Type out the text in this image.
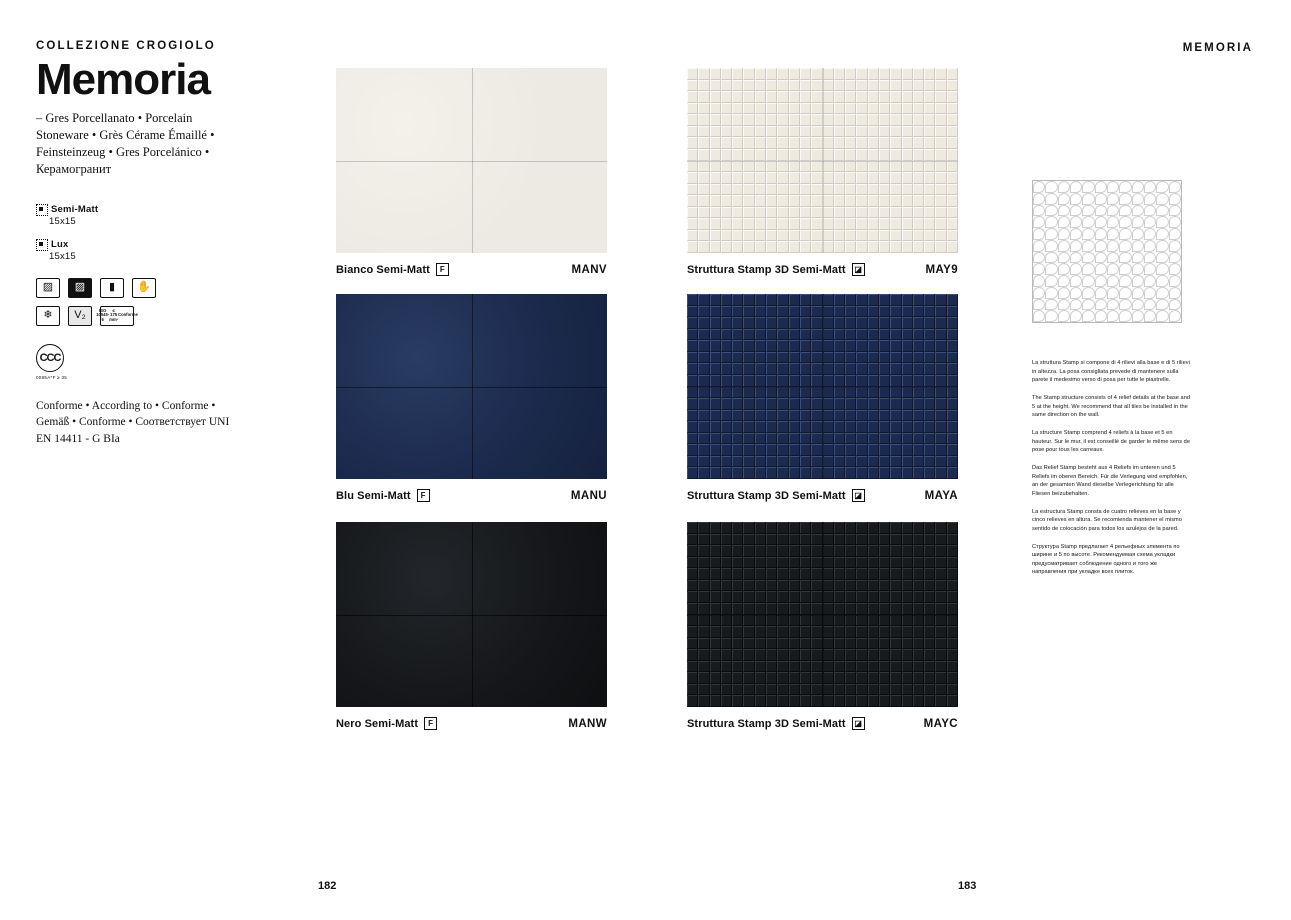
MEMORIA
COLLEZIONE CROGIOLO
Memoria
– Gres Porcellanato • Porcelain Stoneware • Grès Cérame Émaillé • Feinsteinzeug • Gres Porcelánico • Керамогранит
Semi-Matt
15x15
Lux
15x15
▨ ▨ ▮ ✋
❄ V₂	ISO 10545-6
≤ 175 mm³
Conforme
CCC
0085A*F ≥ 35
Conforme • According to • Conforme • Gemäß • Conforme • Соответствует UNI EN 14411 - G BIa
Bianco Semi-Matt	F	MANV
Blu Semi-Matt	F	MANU
Nero Semi-Matt	F	MANW
Struttura Stamp 3D Semi-Matt	◪	MAY9
Struttura Stamp 3D Semi-Matt	◪	MAYA
Struttura Stamp 3D Semi-Matt	◪	MAYC

La struttura Stamp si compone di 4 rilievi alla base e di 5 rilievi in altezza. La posa consigliata prevede di mantenere sulla parete il medesimo verso di posa per tutte le piastrelle.

The Stamp structure consists of 4 relief details at the base and 5 at the height. We recommend that all tiles be installed in the same direction on the wall.

La structure Stamp comprend 4 reliefs à la base et 5 en hauteur. Sur le mur, il est conseillé de garder le même sens de pose pour tous les carreaux.

Das Relief Stamp besteht aus 4 Reliefs im unteren und 5 Reliefs im oberen Bereich. Für die Verlegung wird empfohlen, an der gesamten Wand dieselbe Verlegerichtung für alle Fliesen beizubehalten.

La estructura Stamp consta de cuatro relieves en la base y cinco relieves en altura. Se recomienda mantener el mismo sentido de colocación para todos los azulejos de la pared.

Структура Stamp предлагает 4 рельефных элемента по ширине и 5 по высоте. Рекомендуемая схема укладки предусматривает соблюдение одного и того же направления при укладке всех плиток.

182	183
